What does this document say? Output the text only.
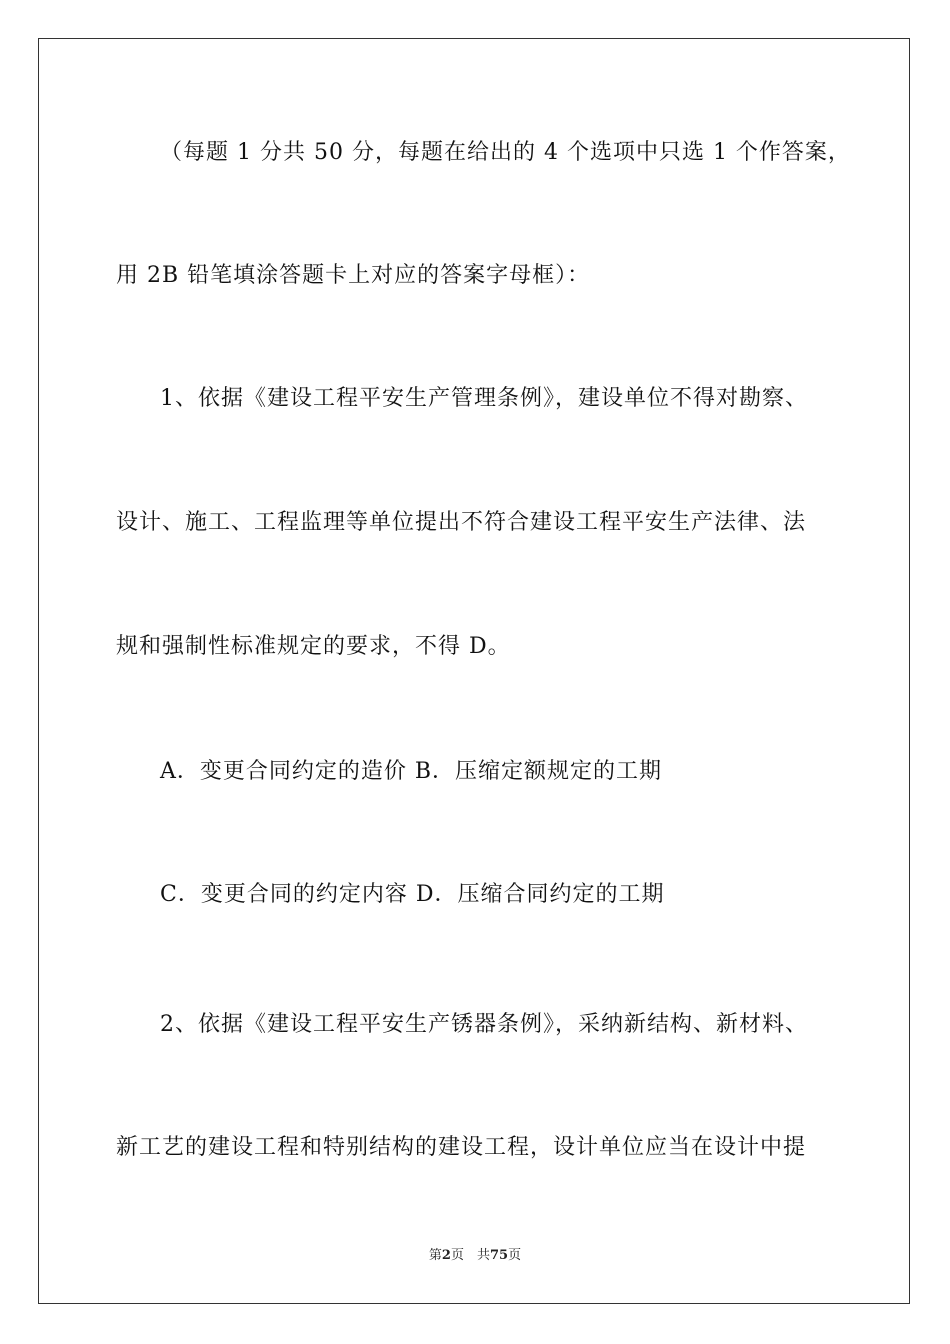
（每题 1 分共 50 分，每题在给出的 4 个选项中只选 1 个作答案，
用 2B 铅笔填涂答题卡上对应的答案字母框）：
1、依据《建设工程平安生产管理条例》，建设单位不得对勘察、
设计、施工、工程监理等单位提出不符合建设工程平安生产法律、法
规和强制性标准规定的要求，不得 D。
A．变更合同约定的造价 B．压缩定额规定的工期
C．变更合同的约定内容 D．压缩合同约定的工期
2、依据《建设工程平安生产锈器条例》，采纳新结构、新材料、
新工艺的建设工程和特别结构的建设工程，设计单位应当在设计中提
第2页　共75页
